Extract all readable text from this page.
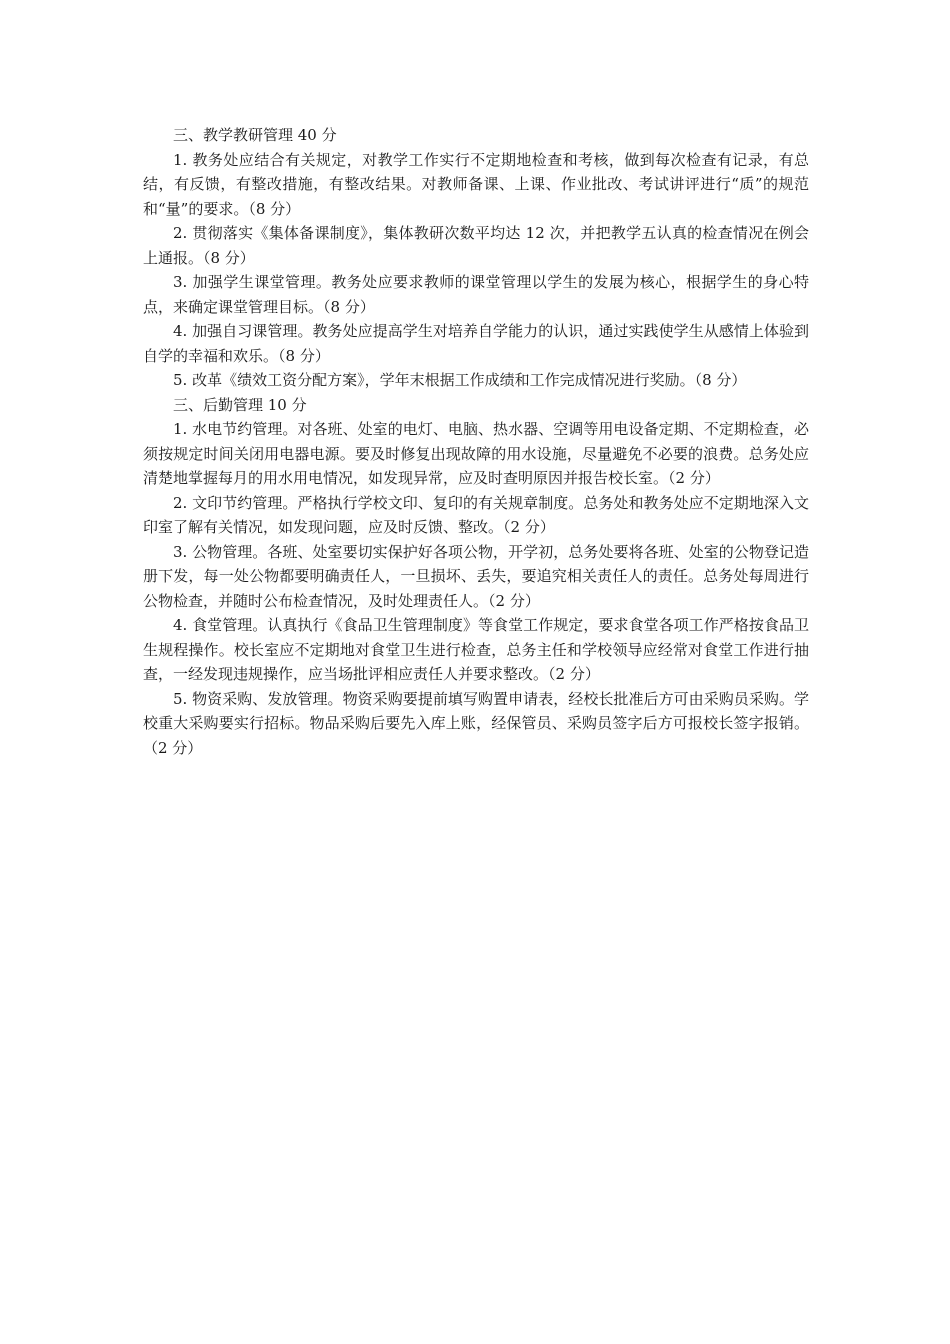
三、教学教研管理 40 分

1. 教务处应结合有关规定，对教学工作实行不定期地检查和考核，做到每次检查有记录，有总结，有反馈，有整改措施，有整改结果。对教师备课、上课、作业批改、考试讲评进行“质”的规范和“量”的要求。（8 分）

2. 贯彻落实《集体备课制度》，集体教研次数平均达 12 次，并把教学五认真的检查情况在例会上通报。（8 分）

3. 加强学生课堂管理。教务处应要求教师的课堂管理以学生的发展为核心，根据学生的身心特点，来确定课堂管理目标。（8 分）

4. 加强自习课管理。教务处应提高学生对培养自学能力的认识，通过实践使学生从感情上体验到自学的幸福和欢乐。（8 分）

5. 改革《绩效工资分配方案》，学年末根据工作成绩和工作完成情况进行奖励。（8 分）

三、后勤管理 10 分

1. 水电节约管理。对各班、处室的电灯、电脑、热水器、空调等用电设备定期、不定期检查，必须按规定时间关闭用电器电源。要及时修复出现故障的用水设施，尽量避免不必要的浪费。总务处应清楚地掌握每月的用水用电情况，如发现异常，应及时查明原因并报告校长室。（2 分）

2. 文印节约管理。严格执行学校文印、复印的有关规章制度。总务处和教务处应不定期地深入文印室了解有关情况，如发现问题，应及时反馈、整改。（2 分）

3. 公物管理。各班、处室要切实保护好各项公物，开学初，总务处要将各班、处室的公物登记造册下发，每一处公物都要明确责任人，一旦损坏、丢失，要追究相关责任人的责任。总务处每周进行公物检查，并随时公布检查情况，及时处理责任人。（2 分）

4. 食堂管理。认真执行《食品卫生管理制度》等食堂工作规定，要求食堂各项工作严格按食品卫生规程操作。校长室应不定期地对食堂卫生进行检查，总务主任和学校领导应经常对食堂工作进行抽查，一经发现违规操作，应当场批评相应责任人并要求整改。（2 分）

5. 物资采购、发放管理。物资采购要提前填写购置申请表，经校长批准后方可由采购员采购。学校重大采购要实行招标。物品采购后要先入库上账，经保管员、采购员签字后方可报校长签字报销。（2 分）
